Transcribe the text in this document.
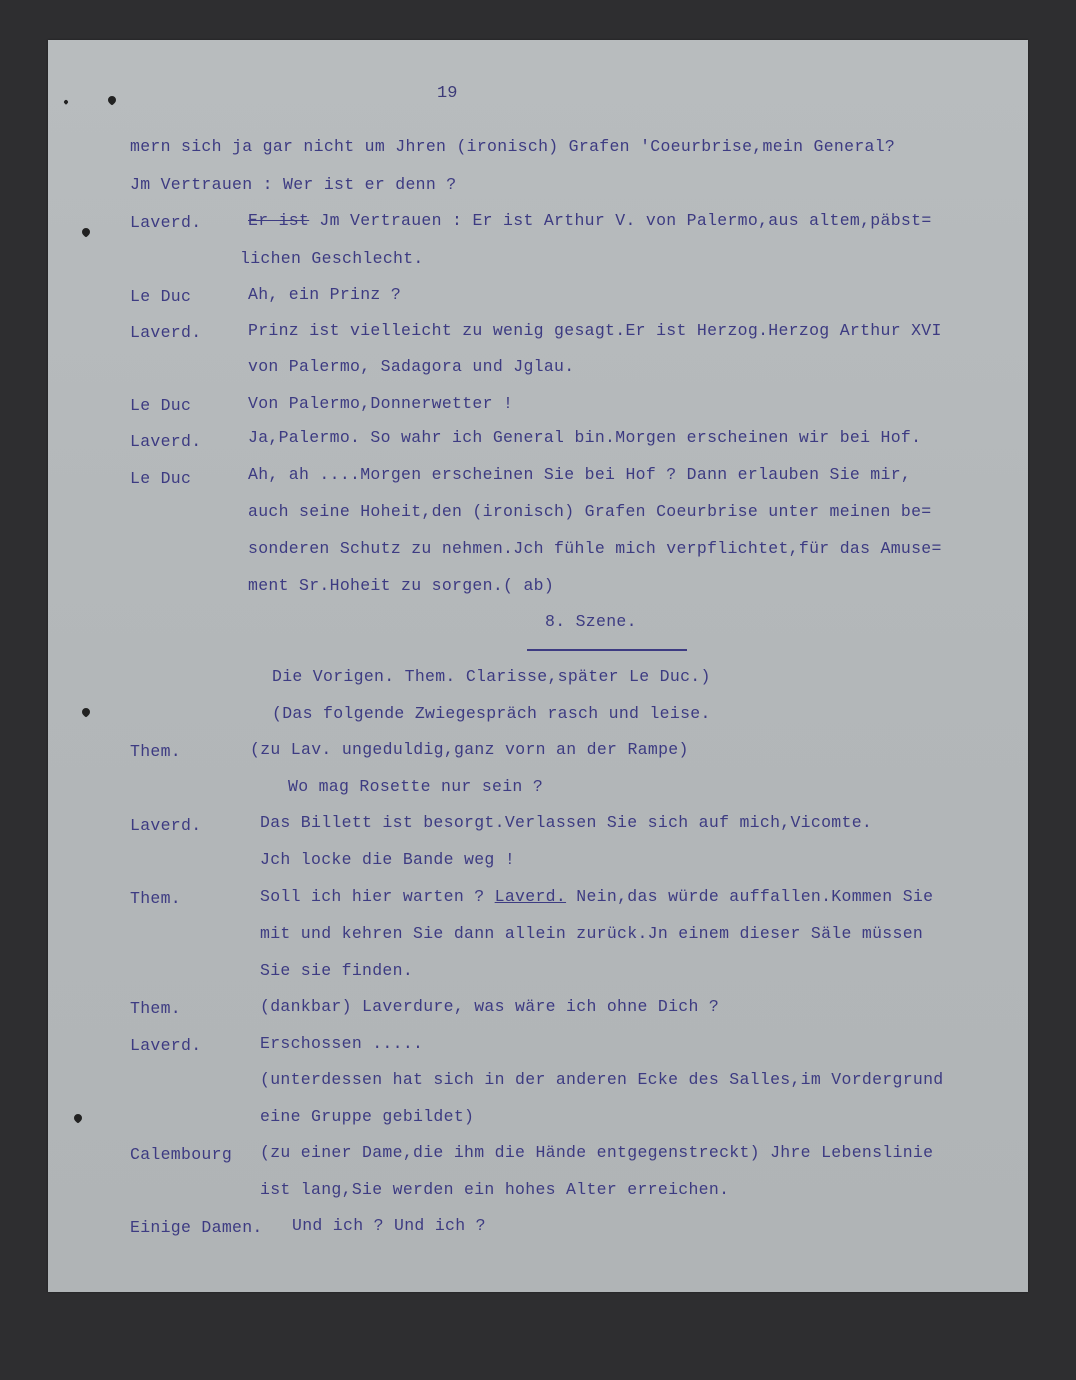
19
mern sich ja gar nicht um Jhren (ironisch) Grafen 'Coeurbrise,mein General?
Jm Vertrauen : Wer ist er denn ?
Laverd.	Er ist Jm Vertrauen : Er ist Arthur V. von Palermo,aus altem,päbst=
lichen Geschlecht.
Le Duc	Ah, ein Prinz ?
Laverd.	Prinz ist vielleicht zu wenig gesagt.Er ist Herzog.Herzog Arthur XVI
von Palermo, Sadagora und Jglau.
Le Duc	Von Palermo,Donnerwetter !
Laverd.	Ja,Palermo. So wahr ich General bin.Morgen erscheinen wir bei Hof.
Le Duc	Ah, ah ....Morgen erscheinen Sie bei Hof ? Dann erlauben Sie mir,
auch seine Hoheit,den (ironisch) Grafen Coeurbrise unter meinen be=
sonderen Schutz zu nehmen.Jch fühle mich verpflichtet,für das Amuse=
ment Sr.Hoheit zu sorgen.( ab)
8. Szene.
Die Vorigen. Them. Clarisse,später Le Duc.)
(Das folgende Zwiegespräch rasch und leise.
Them.	(zu Lav. ungeduldig,ganz vorn an der Rampe)
Wo mag Rosette nur sein ?
Laverd.	Das Billett ist besorgt.Verlassen Sie sich auf mich,Vicomte.
Jch locke die Bande weg !
Them.	Soll ich hier warten ? Laverd. Nein,das würde auffallen.Kommen Sie
mit und kehren Sie dann allein zurück.Jn einem dieser Säle müssen
Sie sie finden.
Them.	(dankbar) Laverdure, was wäre ich ohne Dich ?
Laverd.	Erschossen .....
(unterdessen hat sich in der anderen Ecke des Salles,im Vordergrund
eine Gruppe gebildet)
Calembourg (zu einer Dame,die ihm die Hände entgegenstreckt) Jhre Lebenslinie
ist lang,Sie werden ein hohes Alter erreichen.
Einige Damen. Und ich ? Und ich ?
